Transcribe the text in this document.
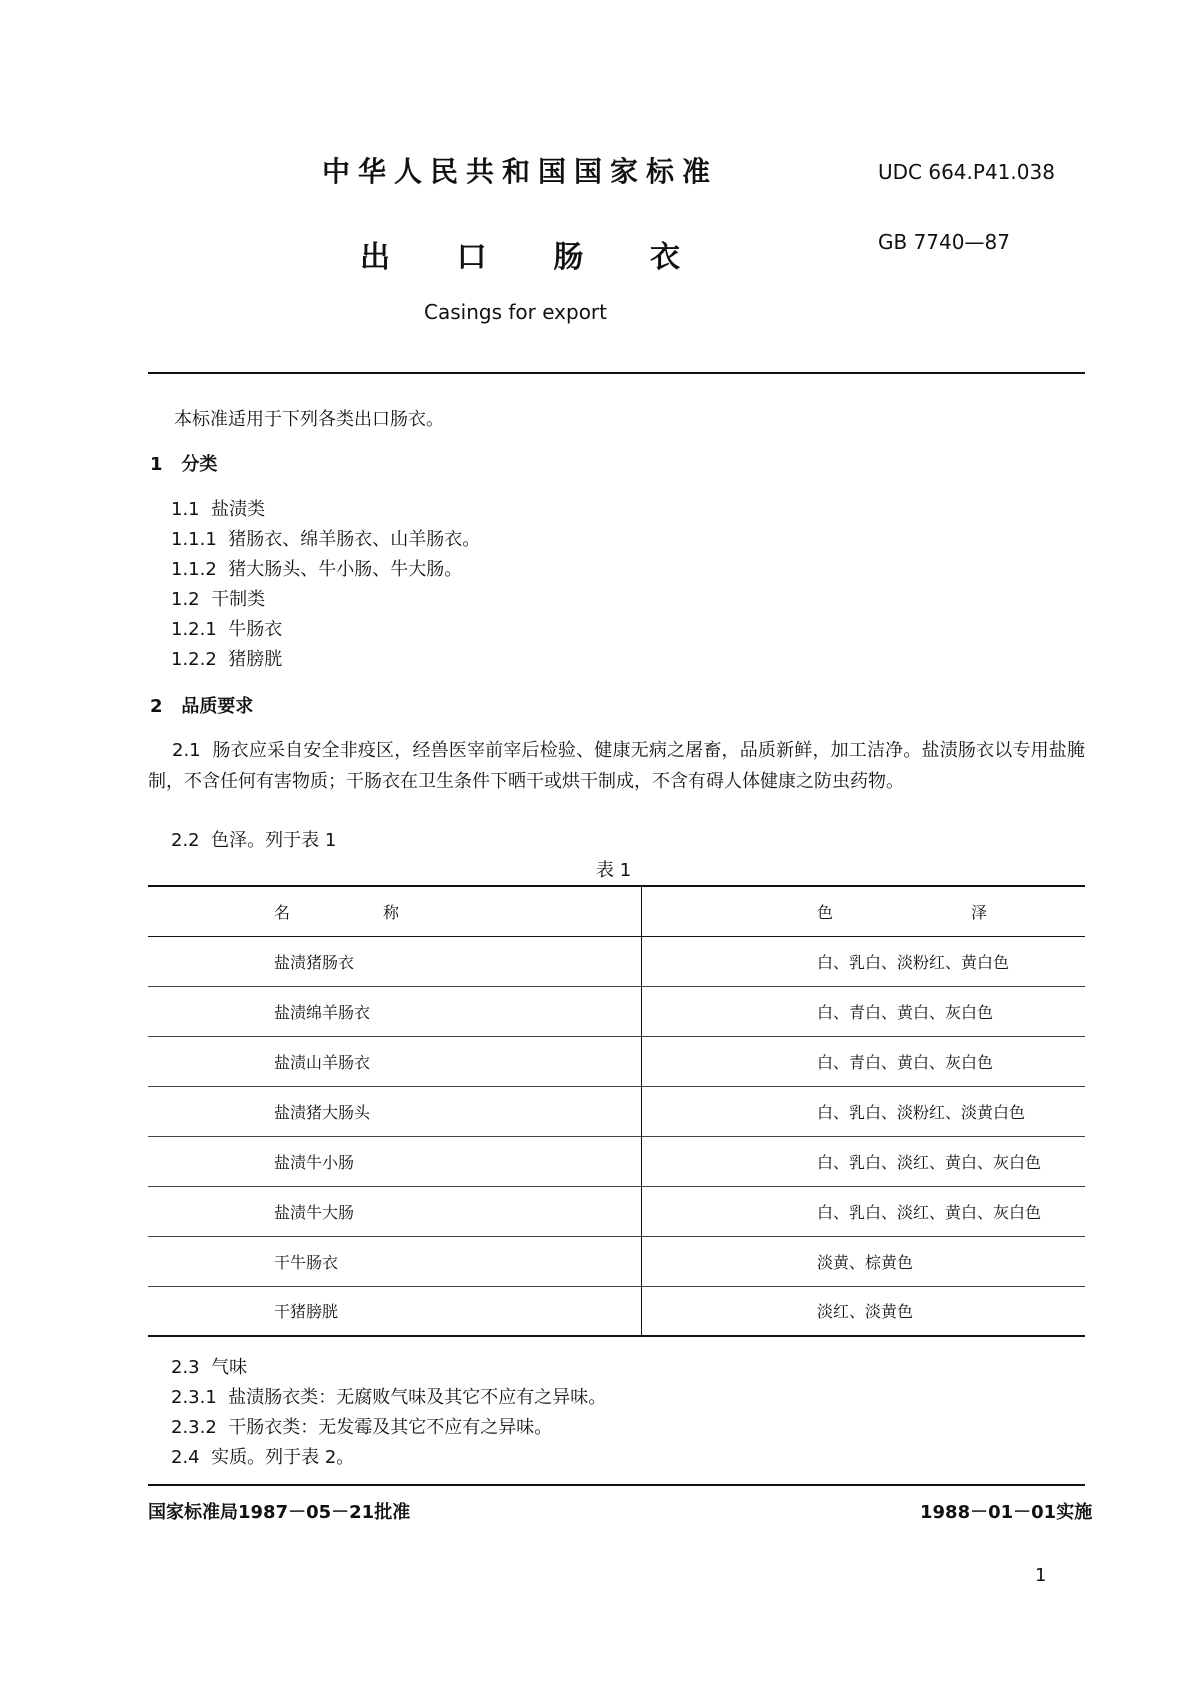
中华人民共和国国家标准	UDC 664.P41.038
GB 7740—87
出 口 肠 衣
Casings for export
本标准适用于下列各类出口肠衣。
1 分类
1.1 盐渍类
1.1.1 猪肠衣、绵羊肠衣、山羊肠衣。
1.1.2 猪大肠头、牛小肠、牛大肠。
1.2 干制类
1.2.1 牛肠衣
1.2.2 猪膀胱
2 品质要求
2.1 肠衣应采自安全非疫区，经兽医宰前宰后检验、健康无病之屠畜，品质新鲜，加工洁净。盐渍肠衣以专用盐腌制，不含任何有害物质；干肠衣在卫生条件下晒干或烘干制成，不含有碍人体健康之防虫药物。
2.2 色泽。列于表 1
表 1
名 称	色 泽

盐渍猪肠衣	白、乳白、淡粉红、黄白色
盐渍绵羊肠衣	白、青白、黄白、灰白色
盐渍山羊肠衣	白、青白、黄白、灰白色
盐渍猪大肠头	白、乳白、淡粉红、淡黄白色
盐渍牛小肠	白、乳白、淡红、黄白、灰白色
盐渍牛大肠	白、乳白、淡红、黄白、灰白色
干牛肠衣	淡黄、棕黄色
干猪膀胱	淡红、淡黄色
2.3 气味
2.3.1 盐渍肠衣类：无腐败气味及其它不应有之异味。
2.3.2 干肠衣类：无发霉及其它不应有之异味。
2.4 实质。列于表 2。
国家标准局1987－05－21批准	1988－01－01实施
1
